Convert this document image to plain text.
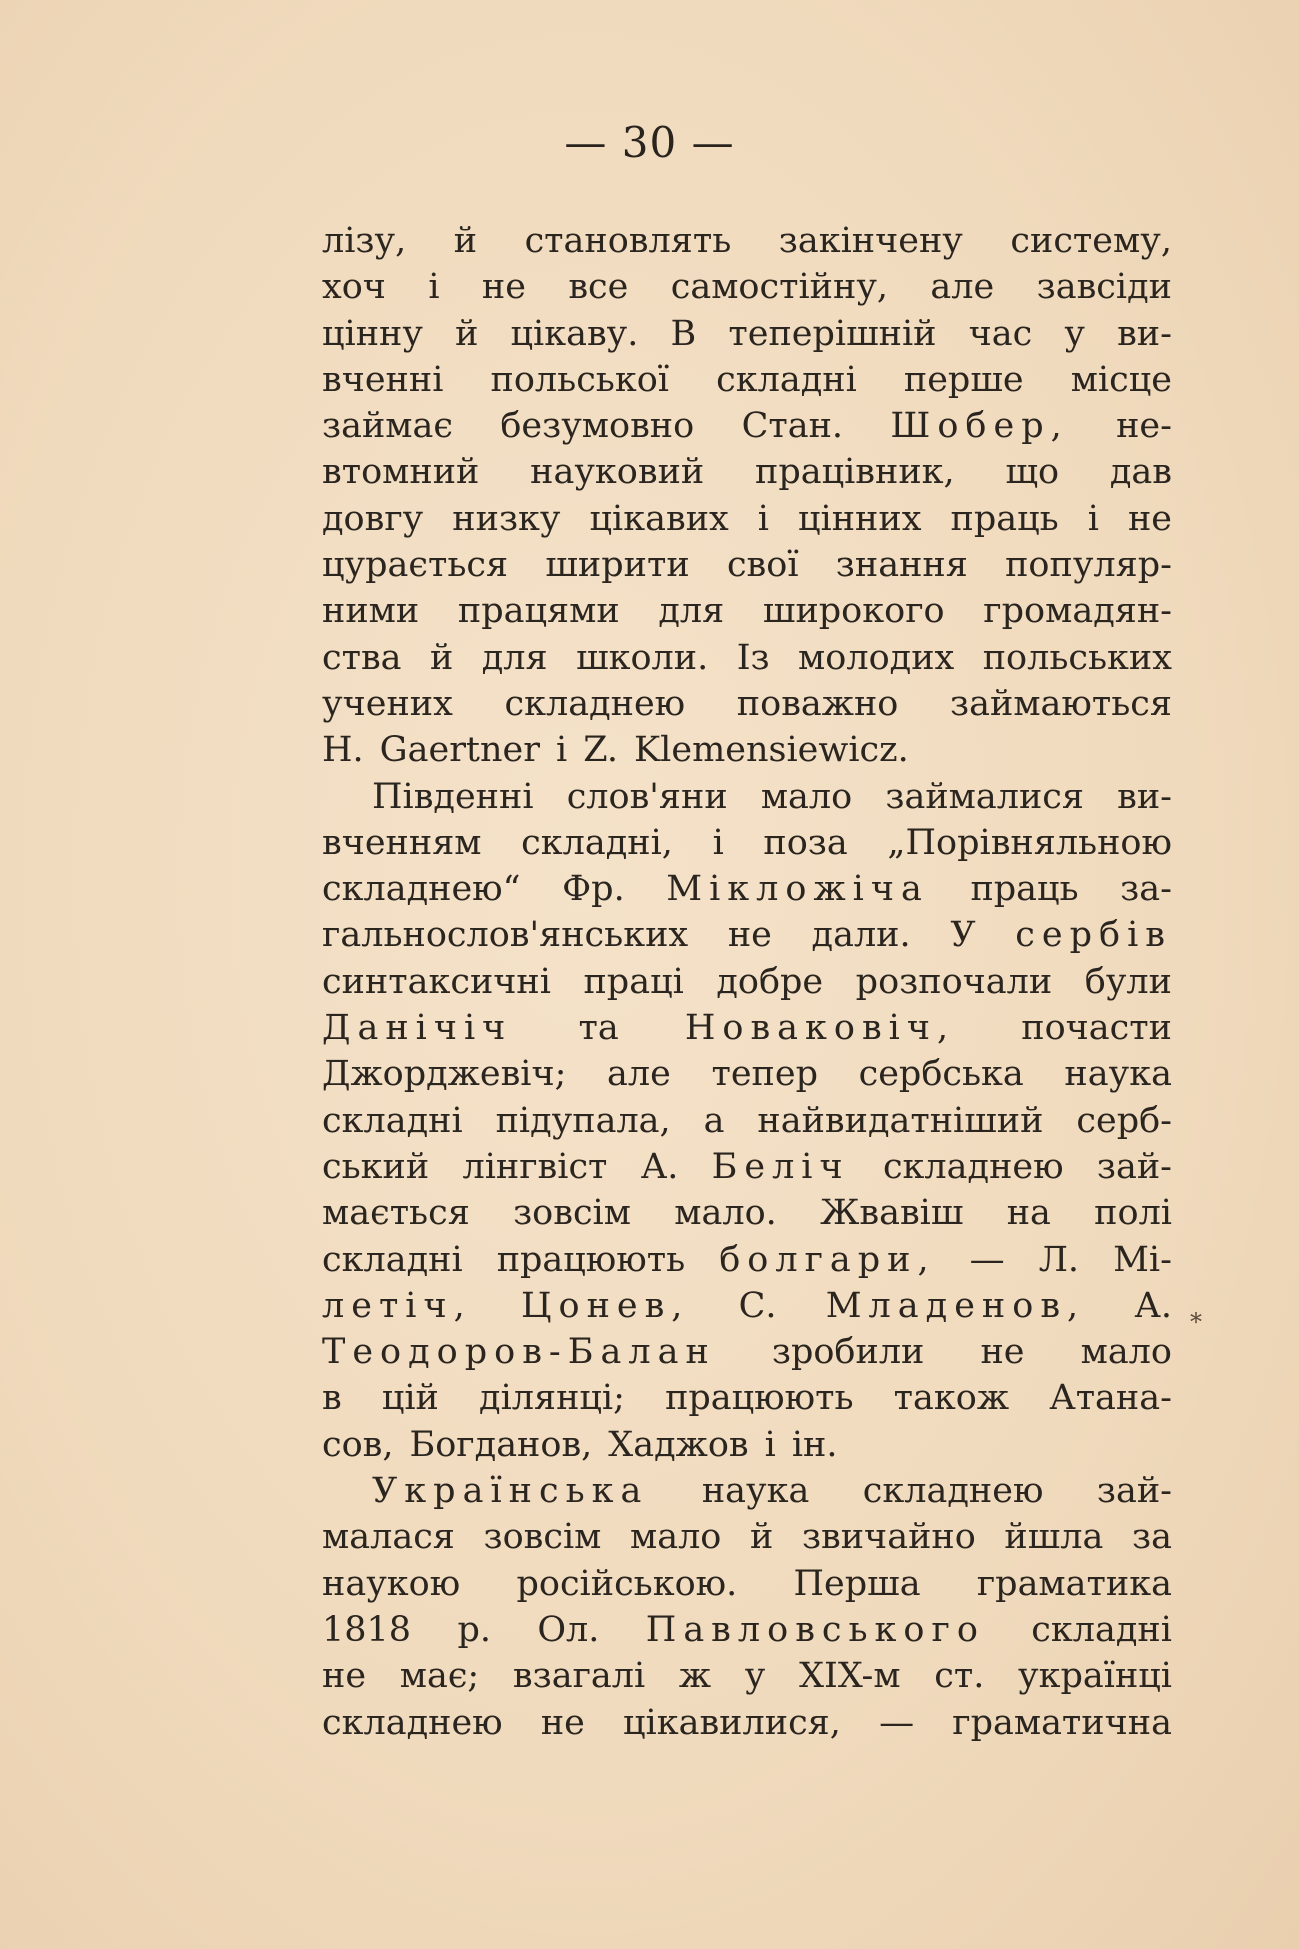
— 30 —
лізу, й становлять закінчену систему,
хоч і не все самостійну, але завсіди
цінну й цікаву. В теперішній час у ви-
вченні польської складні перше місце
займає безумовно Стан. Шобер, не-
втомний науковий працівник, що дав
довгу низку цікавих і цінних праць і не
цурається ширити свої знання популяр-
ними працями для широкого громадян-
ства й для школи. Із молодих польських
учених складнею поважно займаються
H. Gaertner i Z. Klemensiewicz.
Південні слов'яни мало займалися ви-
вченням складні, і поза „Порівняльною
складнею“ Фр. Мікложіча праць за-
гальнослов'янських не дали. У сербів
синтаксичні праці добре розпочали були
Данічіч та Новаковіч, почасти
Джорджевіч; але тепер сербська наука
складні підупала, а найвидатніший серб-
ський лінгвіст А. Беліч складнею зай-
мається зовсім мало. Жвавіш на полі
складні працюють болгари, — Л. Мі-
летіч, Цонев, С. Младенов, А.
Теодоров-Балан зробили не мало
в цій ділянці; працюють також Атана-
сов, Богданов, Хаджов і ін.
Українська наука складнею зай-
малася зовсім мало й звичайно йшла за
наукою російською. Перша граматика
1818 р. Ол. Павловського складні
не має; взагалі ж у XIX-м ст. українці
складнею не цікавилися, — граматична
*
